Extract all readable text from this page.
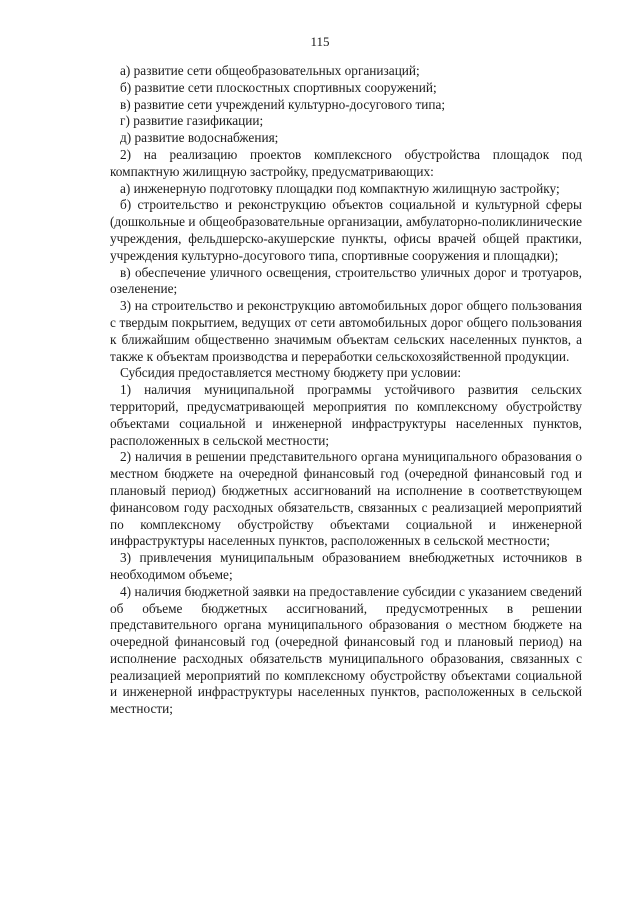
115

а) развитие сети общеобразовательных организаций;

б) развитие сети плоскостных спортивных сооружений;

в) развитие сети учреждений культурно-досугового типа;

г) развитие газификации;

д) развитие водоснабжения;

2) на реализацию проектов комплексного обустройства площадок под компактную жилищную застройку, предусматривающих:

а) инженерную подготовку площадки под компактную жилищную застройку;

б) строительство и реконструкцию объектов социальной и культурной сферы (дошкольные и общеобразовательные организации, амбулаторно-поликлинические учреждения, фельдшерско-акушерские пункты, офисы врачей общей практики, учреждения культурно-досугового типа, спортивные сооружения и площадки);

в) обеспечение уличного освещения, строительство уличных дорог и тротуаров, озеленение;

3) на строительство и реконструкцию автомобильных дорог общего пользования с твердым покрытием, ведущих от сети автомобильных дорог общего пользования к ближайшим общественно значимым объектам сельских населенных пунктов, а также к объектам производства и переработки сельскохозяйственной продукции.

Субсидия предоставляется местному бюджету при условии:

1) наличия муниципальной программы устойчивого развития сельских территорий, предусматривающей мероприятия по комплексному обустройству объектами социальной и инженерной инфраструктуры населенных пунктов, расположенных в сельской местности;

2) наличия в решении представительного органа муниципального образования о местном бюджете на очередной финансовый год (очередной финансовый год и плановый период) бюджетных ассигнований на исполнение в соответствующем финансовом году расходных обязательств, связанных с реализацией мероприятий по комплексному обустройству объектами социальной и инженерной инфраструктуры населенных пунктов, расположенных в сельской местности;

3) привлечения муниципальным образованием внебюджетных источников в необходимом объеме;

4) наличия бюджетной заявки на предоставление субсидии с указанием сведений об объеме бюджетных ассигнований, предусмотренных в решении представительного органа муниципального образования о местном бюджете на очередной финансовый год (очередной финансовый год и плановый период) на исполнение расходных обязательств муниципального образования, связанных с реализацией мероприятий по комплексному обустройству объектами социальной и инженерной инфраструктуры населенных пунктов, расположенных в сельской местности;
